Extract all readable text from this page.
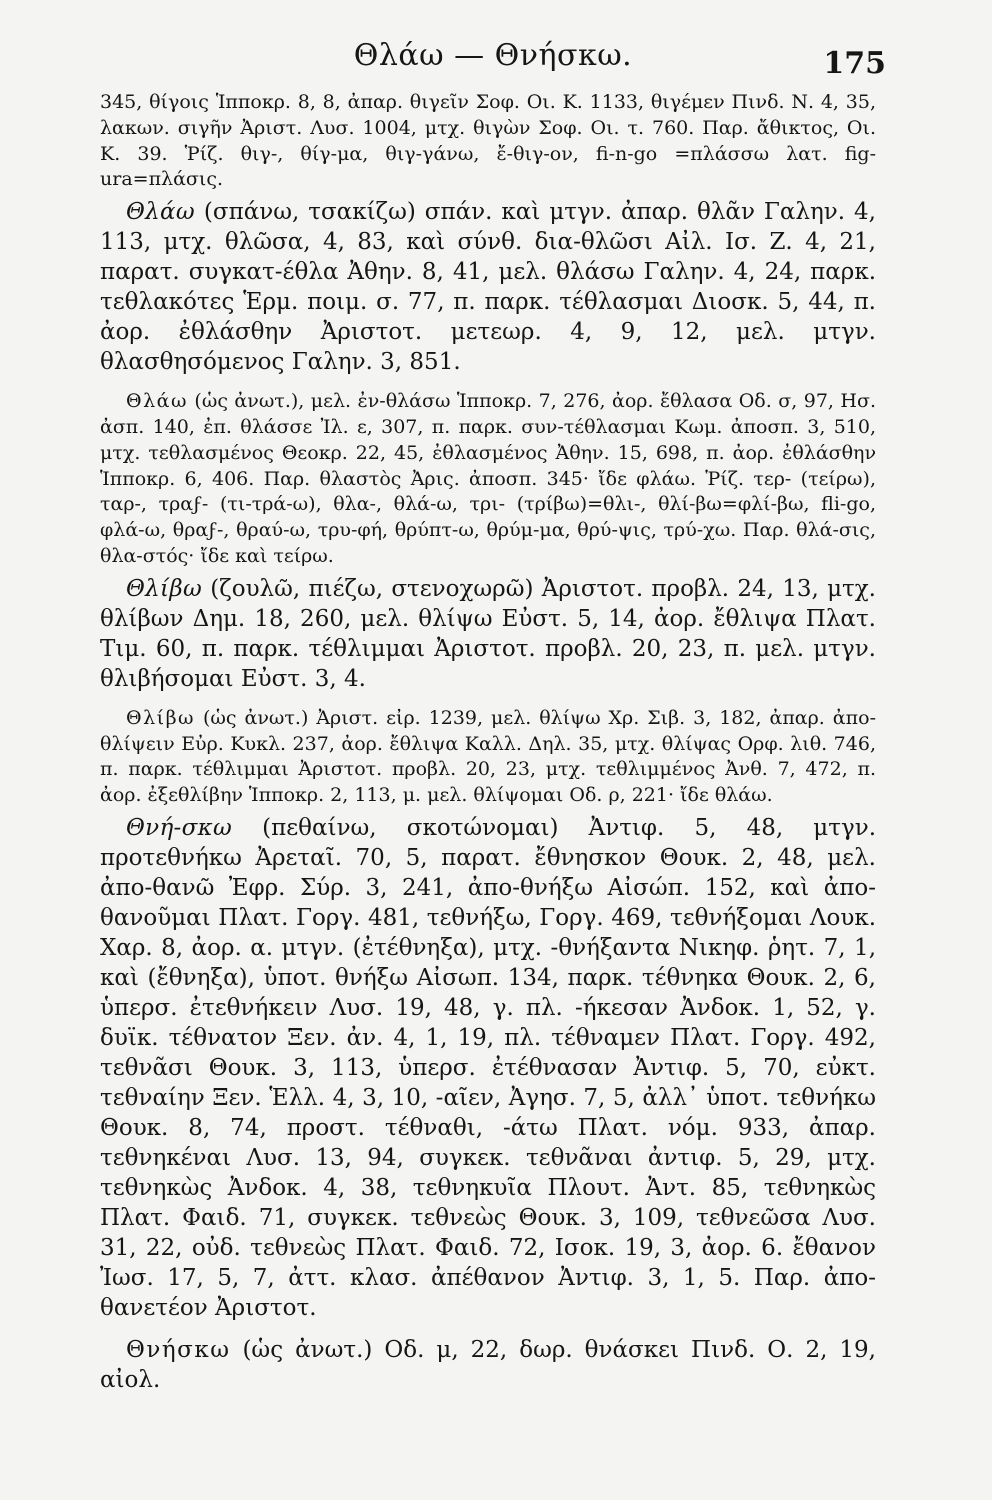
Θλάω — Θνήσκω.	175

345, θίγοις Ἱπποκρ. 8, 8, ἀπαρ. θιγεῖν Σοφ. Οι. Κ. 1133, θιγέμεν Πινδ. Ν. 4, 35, λακων. σιγῆν Ἀριστ. Λυσ. 1004, μτχ. θιγὼν Σοφ. Οι. τ. 760. Παρ. ἄθικτος, Οι. Κ. 39. Ῥίζ. θιγ-, θίγ-μα, θιγ-γάνω, ἔ-θιγ-ον, fi-n-go =πλάσσω λατ. fig-ura=πλάσις.

Θλάω (σπάνω, τσακίζω) σπάν. καὶ μτγν. ἀπαρ. θλᾶν Γαλην. 4, 113, μτχ. θλῶσα, 4, 83, καὶ σύνθ. δια-θλῶσι Αἰλ. Ισ. Ζ. 4, 21, παρατ. συγκατ-έθλα Ἀθην. 8, 41, μελ. θλάσω Γαλην. 4, 24, παρκ. τεθλακότες Ἑρμ. ποιμ. σ. 77, π. παρκ. τέθλασμαι Διοσκ. 5, 44, π. ἀορ. ἐθλάσθην Ἀριστοτ. μετεωρ. 4, 9, 12, μελ. μτγν. θλασθησόμενος Γαλην. 3, 851.

Θλάω (ὡς ἀνωτ.), μελ. ἐν-θλάσω Ἱπποκρ. 7, 276, ἀορ. ἔθλασα Οδ. σ, 97, Ησ. ἀσπ. 140, ἐπ. θλάσσε Ἰλ. ε, 307, π. παρκ. συν-τέθλασμαι Κωμ. ἀποσπ. 3, 510, μτχ. τεθλασμένος Θεοκρ. 22, 45, ἐθλασμένος Ἀθην. 15, 698, π. ἀορ. ἐθλάσθην Ἱπποκρ. 6, 406. Παρ. θλαστὸς Ἀρις. ἀποσπ. 345· ἴδε φλάω. Ῥίζ. τερ- (τείρω), ταρ-, τραϝ- (τι-τρά-ω), θλα-, θλά-ω, τρι- (τρίβω)=θλι-, θλί-βω=φλί-βω, fli-go, φλά-ω, θραϝ-, θραύ-ω, τρυ-φή, θρύπτ-ω, θρύμ-μα, θρύ-ψις, τρύ-χω. Παρ. θλά-σις, θλα-στός· ἴδε καὶ τείρω.

Θλίβω (ζουλῶ, πιέζω, στενοχωρῶ) Ἀριστοτ. προβλ. 24, 13, μτχ. θλίβων Δημ. 18, 260, μελ. θλίψω Εὐστ. 5, 14, ἀορ. ἔθλιψα Πλατ. Τιμ. 60, π. παρκ. τέθλιμμαι Ἀριστοτ. προβλ. 20, 23, π. μελ. μτγν. θλιβήσομαι Εὐστ. 3, 4.

Θλίβω (ὡς ἀνωτ.) Ἀριστ. εἰρ. 1239, μελ. θλίψω Χρ. Σιβ. 3, 182, ἀπαρ. ἀπο-θλίψειν Εὐρ. Κυκλ. 237, ἀορ. ἔθλιψα Καλλ. Δηλ. 35, μτχ. θλίψας Ορφ. λιθ. 746, π. παρκ. τέθλιμμαι Ἀριστοτ. προβλ. 20, 23, μτχ. τεθλιμμένος Ἀνθ. 7, 472, π. ἀορ. ἐξεθλίβην Ἱπποκρ. 2, 113, μ. μελ. θλίψομαι Οδ. ρ, 221· ἴδε θλάω.

Θνή-σκω (πεθαίνω, σκοτώνομαι) Ἀντιφ. 5, 48, μτγν. προτεθνήκω Ἀρεταῖ. 70, 5, παρατ. ἔθνησκον Θουκ. 2, 48, μελ. ἀπο-θανῶ Ἐφρ. Σύρ. 3, 241, ἀπο-θνήξω Αἰσώπ. 152, καὶ ἀπο-θανοῦμαι Πλατ. Γοργ. 481, τεθνήξω, Γοργ. 469, τεθνήξομαι Λουκ. Χαρ. 8, ἀορ. α. μτγν. (ἐτέθνηξα), μτχ. -θνήξαντα Νικηφ. ῥητ. 7, 1, καὶ (ἔθνηξα), ὑποτ. θνήξω Αἰσωπ. 134, παρκ. τέθνηκα Θουκ. 2, 6, ὑπερσ. ἐτεθνήκειν Λυσ. 19, 48, γ. πλ. -ήκεσαν Ἀνδοκ. 1, 52, γ. δυϊκ. τέθνατον Ξεν. ἀν. 4, 1, 19, πλ. τέθναμεν Πλατ. Γοργ. 492, τεθνᾶσι Θουκ. 3, 113, ὑπερσ. ἐτέθνασαν Ἀντιφ. 5, 70, εὐκτ. τεθναίην Ξεν. Ἑλλ. 4, 3, 10, -αῖεν, Ἀγησ. 7, 5, ἀλλ᾽ ὑποτ. τεθνήκω Θουκ. 8, 74, προστ. τέθναθι, -άτω Πλατ. νόμ. 933, ἀπαρ. τεθνηκέναι Λυσ. 13, 94, συγκεκ. τεθνᾶναι ἀντιφ. 5, 29, μτχ. τεθνηκὼς Ἀνδοκ. 4, 38, τεθνηκυῖα Πλουτ. Ἀντ. 85, τεθνηκὼς Πλατ. Φαιδ. 71, συγκεκ. τεθνεὼς Θουκ. 3, 109, τεθνεῶσα Λυσ. 31, 22, οὐδ. τεθνεὼς Πλατ. Φαιδ. 72, Ισοκ. 19, 3, ἀορ. 6. ἔθανον Ἰωσ. 17, 5, 7, ἀττ. κλασ. ἀπέθανον Ἀντιφ. 3, 1, 5. Παρ. ἀπο-θανετέον Ἀριστοτ.

Θνήσκω (ὡς ἀνωτ.) Οδ. μ, 22, δωρ. θνάσκει Πινδ. Ο. 2, 19, αἰολ.
